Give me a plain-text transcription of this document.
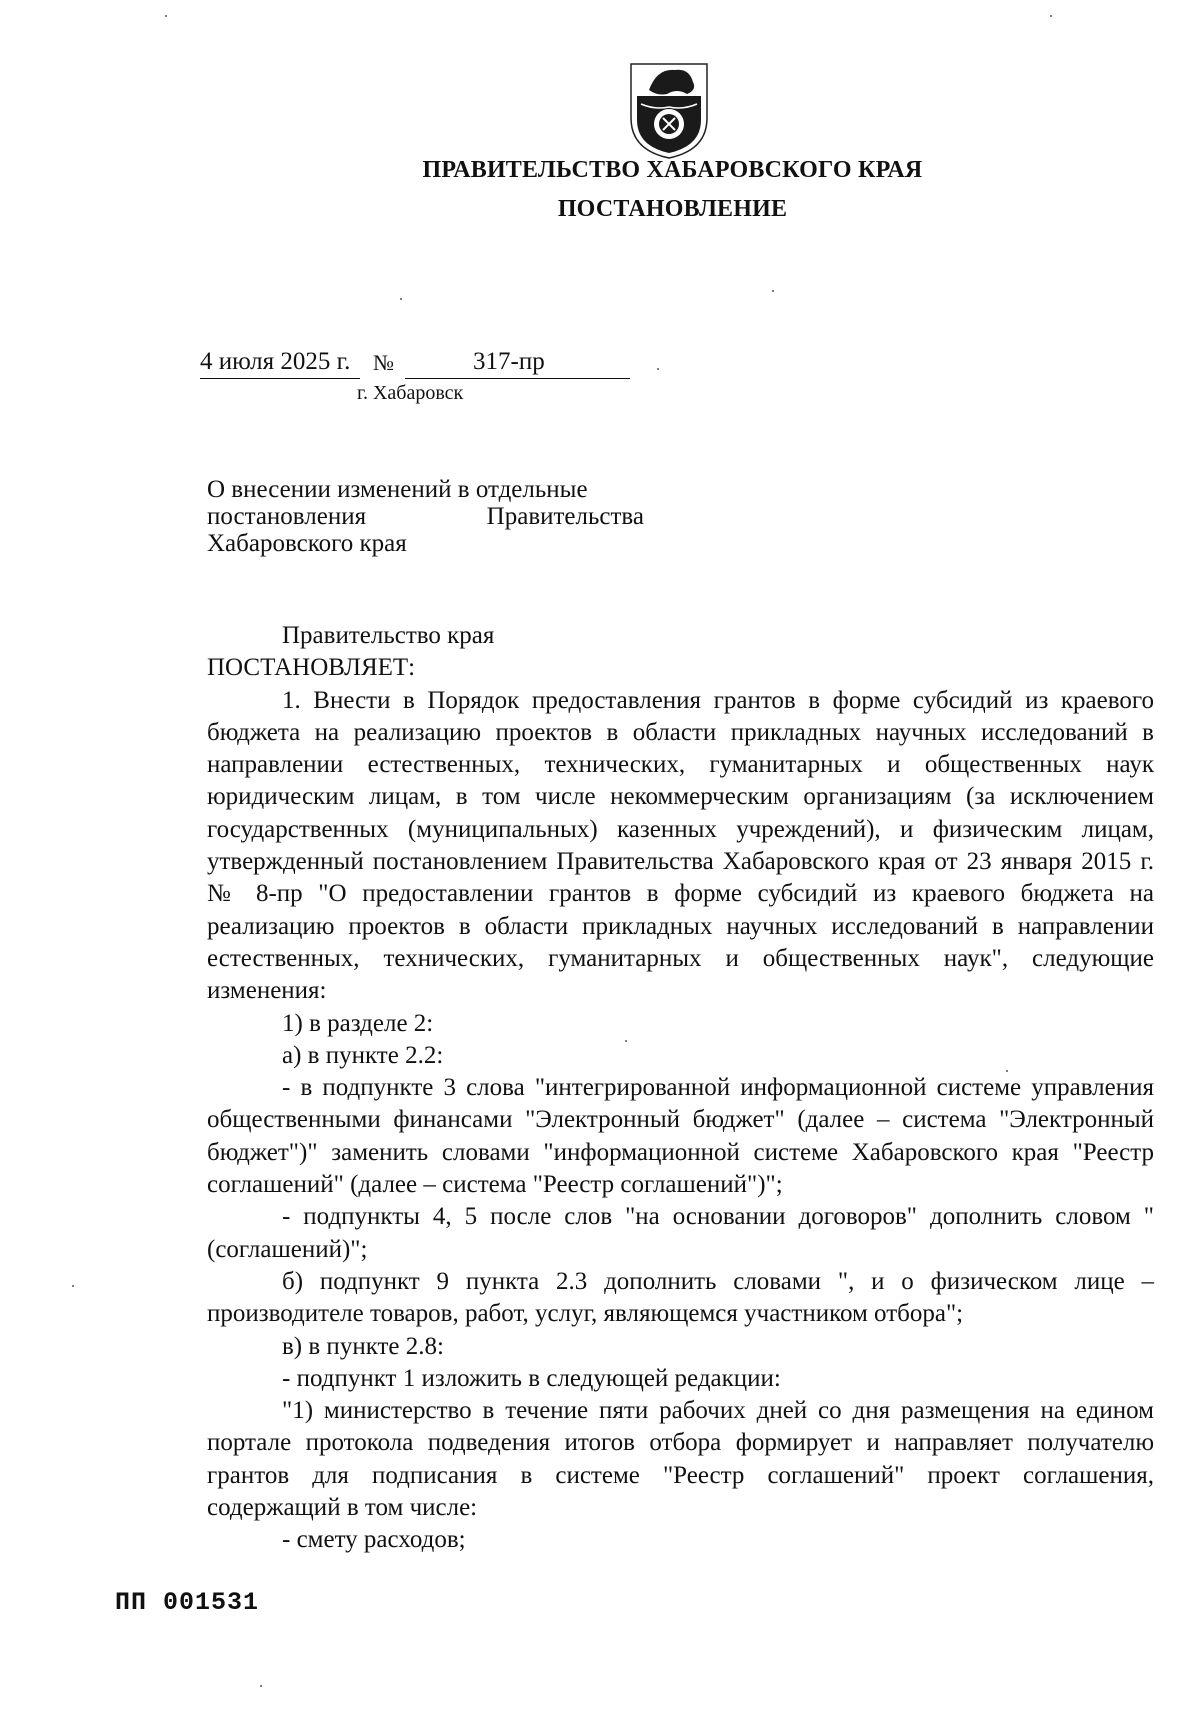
ПРАВИТЕЛЬСТВО ХАБАРОВСКОГО КРАЯ
ПОСТАНОВЛЕНИЕ
4 июля 2025 г. №	317-пр
г. Хабаровск
О внесении изменений в отдельные
постановления Правительства
Хабаровского края

Правительство края

ПОСТАНОВЛЯЕТ:

1. Внести в Порядок предоставления грантов в форме субсидий из краевого бюджета на реализацию проектов в области прикладных научных исследований в направлении естественных, технических, гуманитарных и общественных наук юридическим лицам, в том числе некоммерческим организациям (за исключением государственных (муниципальных) казенных учреждений), и физическим лицам, утвержденный постановлением Правительства Хабаровского края от 23 января 2015 г. № 8-пр "О предоставлении грантов в форме субсидий из краевого бюджета на реализацию проектов в области прикладных научных исследований в направлении естественных, технических, гуманитарных и общественных наук", следующие изменения:

1) в разделе 2:

а) в пункте 2.2:

- в подпункте 3 слова "интегрированной информационной системе управления общественными финансами "Электронный бюджет" (далее – система "Электронный бюджет")" заменить словами "информационной системе Хабаровского края "Реестр соглашений" (далее – система "Реестр соглашений")";

- подпункты 4, 5 после слов "на основании договоров" дополнить словом "(соглашений)";

б) подпункт 9 пункта 2.3 дополнить словами ", и о физическом лице – производителе товаров, работ, услуг, являющемся участником отбора";

в) в пункте 2.8:

- подпункт 1 изложить в следующей редакции:

"1) министерство в течение пяти рабочих дней со дня размещения на едином портале протокола подведения итогов отбора формирует и направляет получателю грантов для подписания в системе "Реестр соглашений" проект соглашения, содержащий в том числе:

- смету расходов;

ПП 001531
